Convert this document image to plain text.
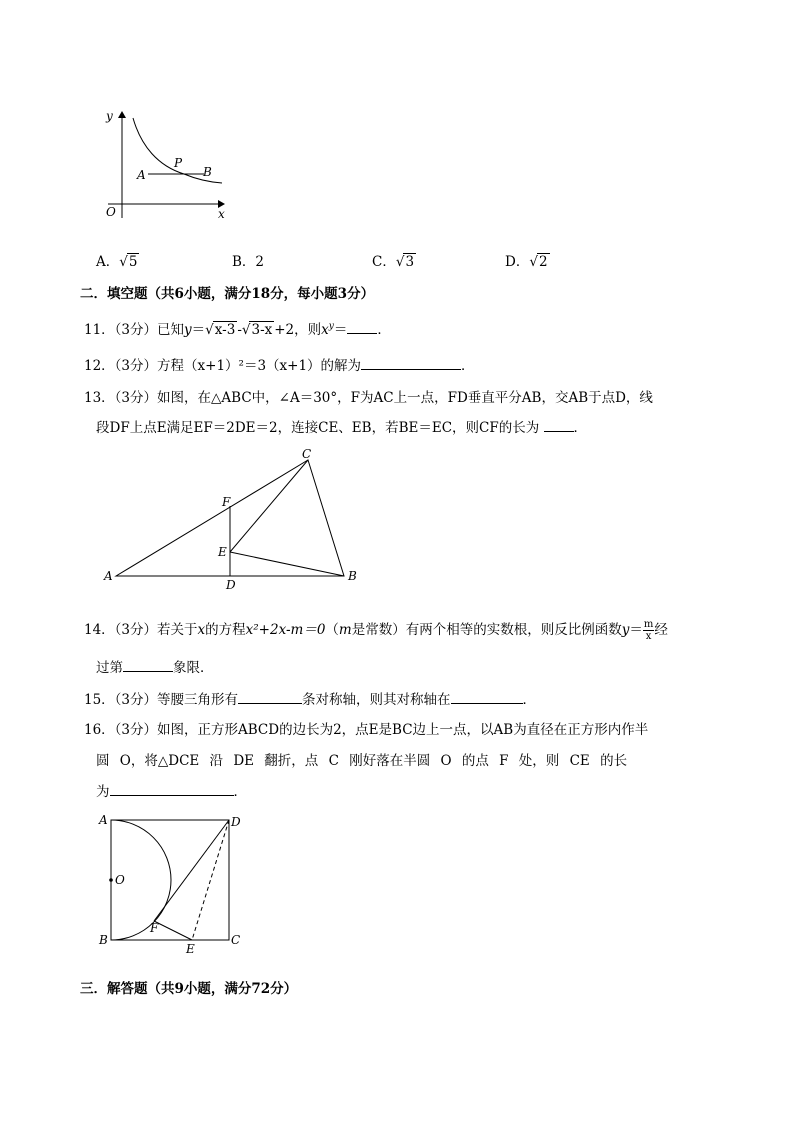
y
x
O
P
A	B
A．√5	B．2	C．√3	D．√2
二．填空题（共6小题，满分18分，每小题3分）
11．（3分）已知y＝√x-3 -√3-x +2，则$x^y=$ ．
12．（3分）方程（x+1）²＝3（x+1）的解为	．
13．（3分）如图，在△ABC中，∠A＝30°，F为AC上一点，FD垂直平分AB，交AB于点D，线
段DF上点E满足EF＝2DE＝2，连接CE、EB，若BE＝EC，则CF的长为	．
A	B
C
D
E
F
14．（3分）若关于x的方程x²+2x-m＝0（m是常数）有两个相等的实数根，则反比例函数$y= \frac{m}{x}$ 经
过第	象限．
15．（3分）等腰三角形有	条对称轴，则其对称轴在	．
16．（3分）如图，正方形ABCD的边长为2，点E是BC边上一点，以AB为直径在正方形内作半
圆 O，将△DCE 沿 DE 翻折，点 C 刚好落在半圆 O 的点 F 处，则 CE 的长
为	．
A
B	C
D
E
F
O
三．解答题（共9小题，满分72分）
